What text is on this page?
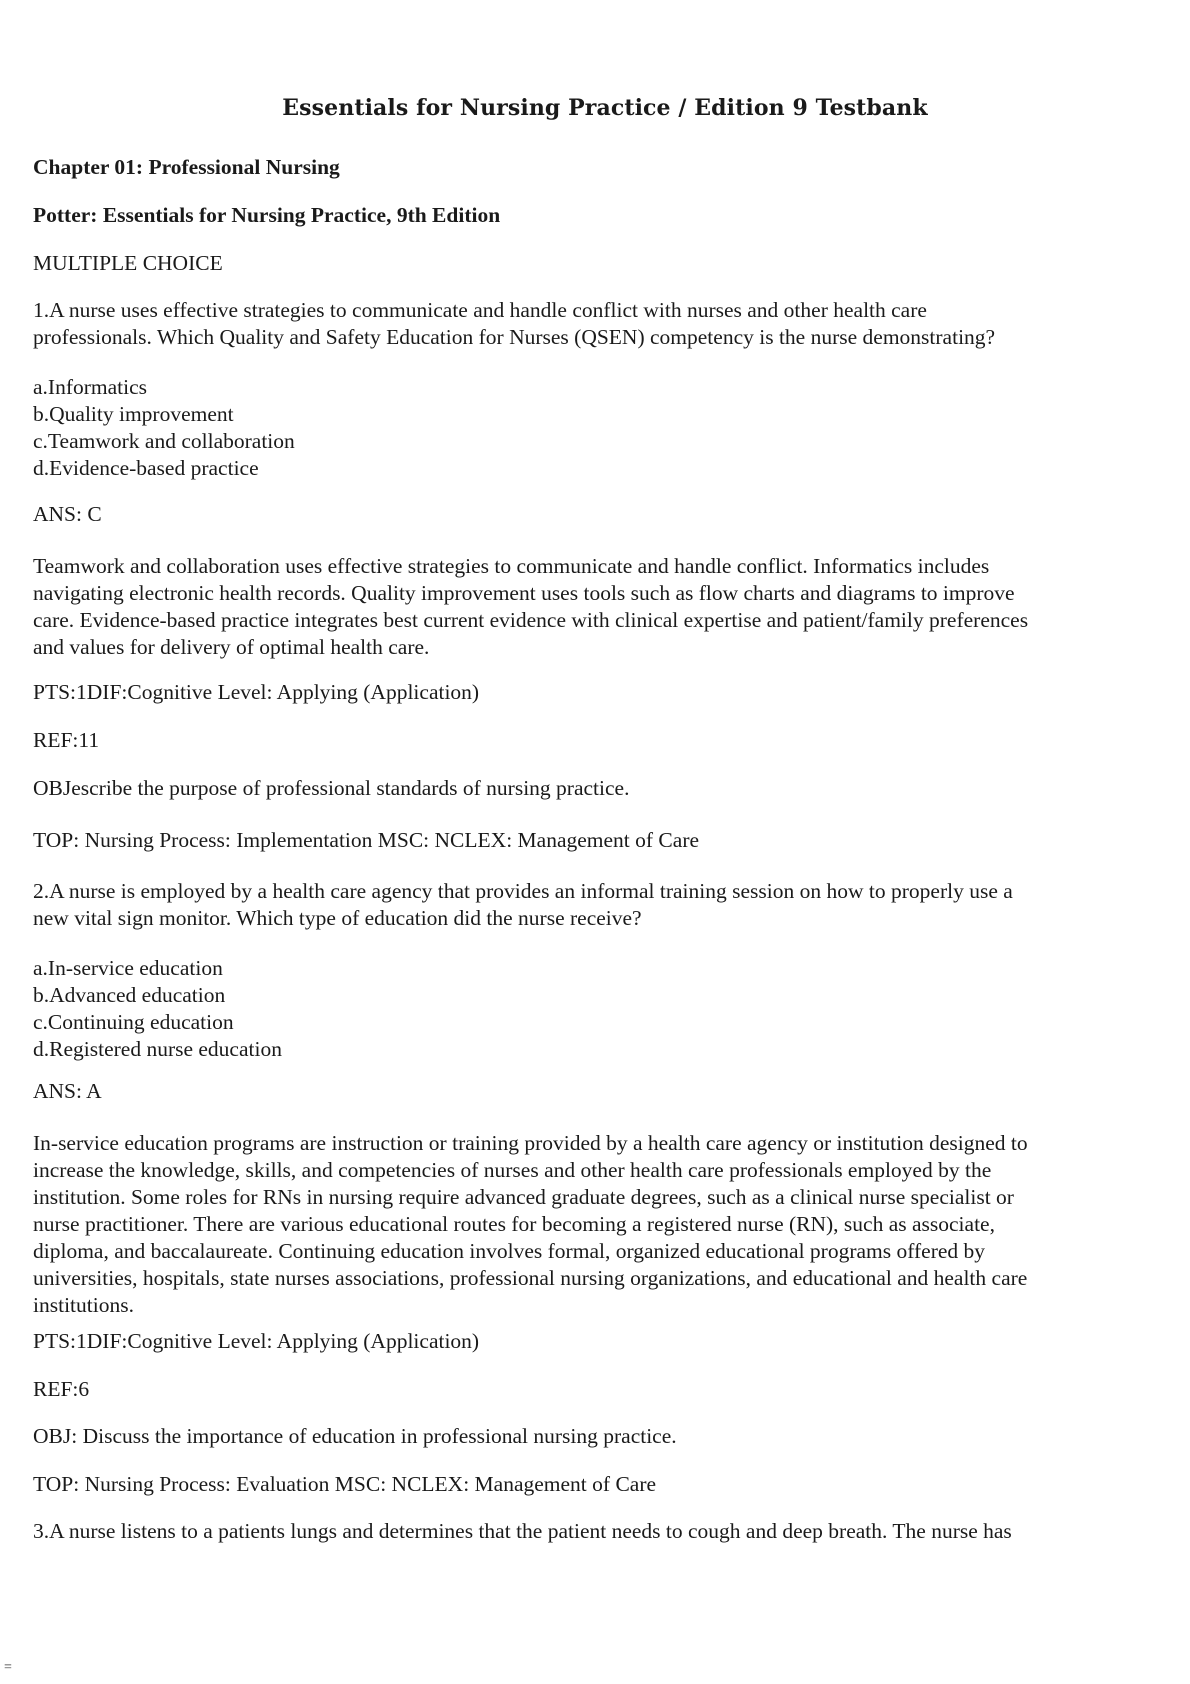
Essentials for Nursing Practice / Edition 9 Testbank
Chapter 01: Professional Nursing
Potter: Essentials for Nursing Practice, 9th Edition
MULTIPLE CHOICE
1.A nurse uses effective strategies to communicate and handle conflict with nurses and other health care
professionals. Which Quality and Safety Education for Nurses (QSEN) competency is the nurse demonstrating?
a.Informatics
b.Quality improvement
c.Teamwork and collaboration
d.Evidence-based practice
ANS: C
Teamwork and collaboration uses effective strategies to communicate and handle conflict. Informatics includes
navigating electronic health records. Quality improvement uses tools such as flow charts and diagrams to improve
care. Evidence-based practice integrates best current evidence with clinical expertise and patient/family preferences
and values for delivery of optimal health care.
PTS:1DIF:Cognitive Level: Applying (Application)
REF:11
OBJescribe the purpose of professional standards of nursing practice.
TOP: Nursing Process: Implementation MSC: NCLEX: Management of Care
2.A nurse is employed by a health care agency that provides an informal training session on how to properly use a
new vital sign monitor. Which type of education did the nurse receive?
a.In-service education
b.Advanced education
c.Continuing education
d.Registered nurse education
ANS: A
In-service education programs are instruction or training provided by a health care agency or institution designed to
increase the knowledge, skills, and competencies of nurses and other health care professionals employed by the
institution. Some roles for RNs in nursing require advanced graduate degrees, such as a clinical nurse specialist or
nurse practitioner. There are various educational routes for becoming a registered nurse (RN), such as associate,
diploma, and baccalaureate. Continuing education involves formal, organized educational programs offered by
universities, hospitals, state nurses associations, professional nursing organizations, and educational and health care
institutions.
PTS:1DIF:Cognitive Level: Applying (Application)
REF:6
OBJ: Discuss the importance of education in professional nursing practice.
TOP: Nursing Process: Evaluation MSC: NCLEX: Management of Care
3.A nurse listens to a patients lungs and determines that the patient needs to cough and deep breath. The nurse has
=
